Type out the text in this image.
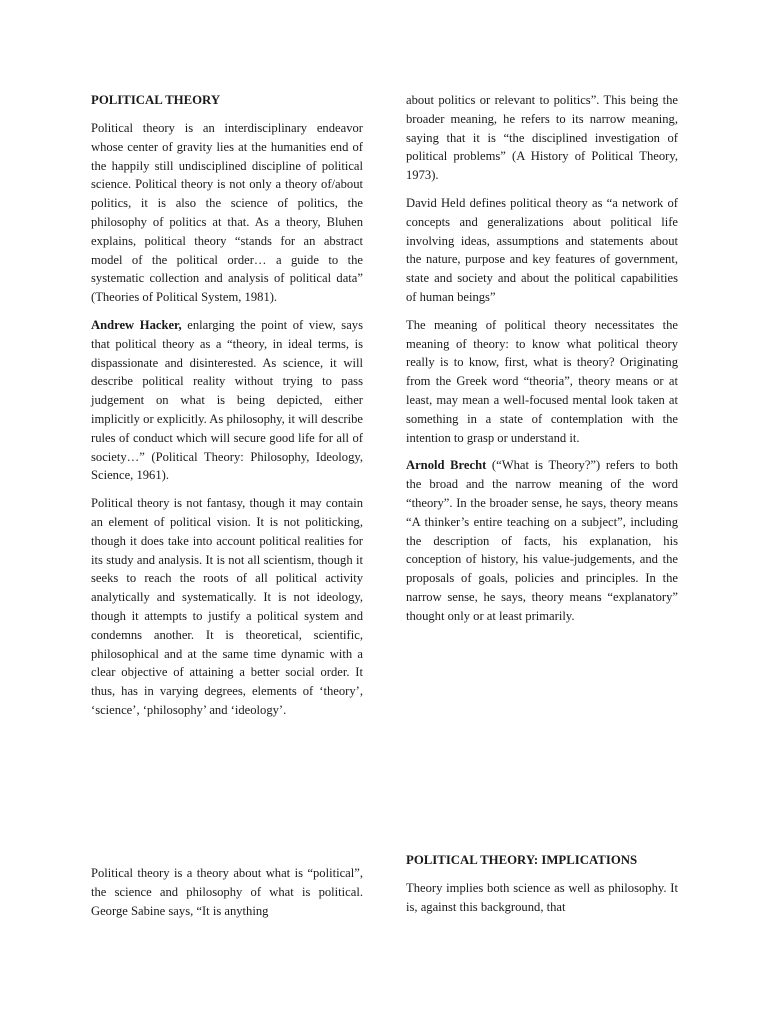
POLITICAL THEORY

Political theory is an interdisciplinary endeavor whose center of gravity lies at the humanities end of the happily still undisciplined discipline of political science. Political theory is not only a theory of/about politics, it is also the science of politics, the philosophy of politics at that. As a theory, Bluhen explains, political theory “stands for an abstract model of the political order… a guide to the systematic collection and analysis of political data” (Theories of Political System, 1981).

Andrew Hacker, enlarging the point of view, says that political theory as a “theory, in ideal terms, is dispassionate and disinterested. As science, it will describe political reality without trying to pass judgement on what is being depicted, either implicitly or explicitly. As philosophy, it will describe rules of conduct which will secure good life for all of society…” (Political Theory: Philosophy, Ideology, Science, 1961).

Political theory is not fantasy, though it may contain an element of political vision. It is not politicking, though it does take into account political realities for its study and analysis. It is not all scientism, though it seeks to reach the roots of all political activity analytically and systematically. It is not ideology, though it attempts to justify a political system and condemns another. It is theoretical, scientific, philosophical and at the same time dynamic with a clear objective of attaining a better social order. It thus, has in varying degrees, elements of ‘theory’, ‘science’, ‘philosophy’ and ‘ideology’.

Political theory is a theory about what is “political”, the science and philosophy of what is political. George Sabine says, “It is anything

about politics or relevant to politics”. This being the broader meaning, he refers to its narrow meaning, saying that it is “the disciplined investigation of political problems” (A History of Political Theory, 1973).

David Held defines political theory as “a network of concepts and generalizations about political life involving ideas, assumptions and statements about the nature, purpose and key features of government, state and society and about the political capabilities of human beings”

The meaning of political theory necessitates the meaning of theory: to know what political theory really is to know, first, what is theory? Originating from the Greek word “theoria”, theory means or at least, may mean a well-focused mental look taken at something in a state of contemplation with the intention to grasp or understand it.

Arnold Brecht (“What is Theory?”) refers to both the broad and the narrow meaning of the word “theory”. In the broader sense, he says, theory means “A thinker’s entire teaching on a subject”, including the description of facts, his explanation, his conception of history, his value-judgements, and the proposals of goals, policies and principles. In the narrow sense, he says, theory means “explanatory” thought only or at least primarily.

POLITICAL THEORY: IMPLICATIONS

Theory implies both science as well as philosophy. It is, against this background, that
